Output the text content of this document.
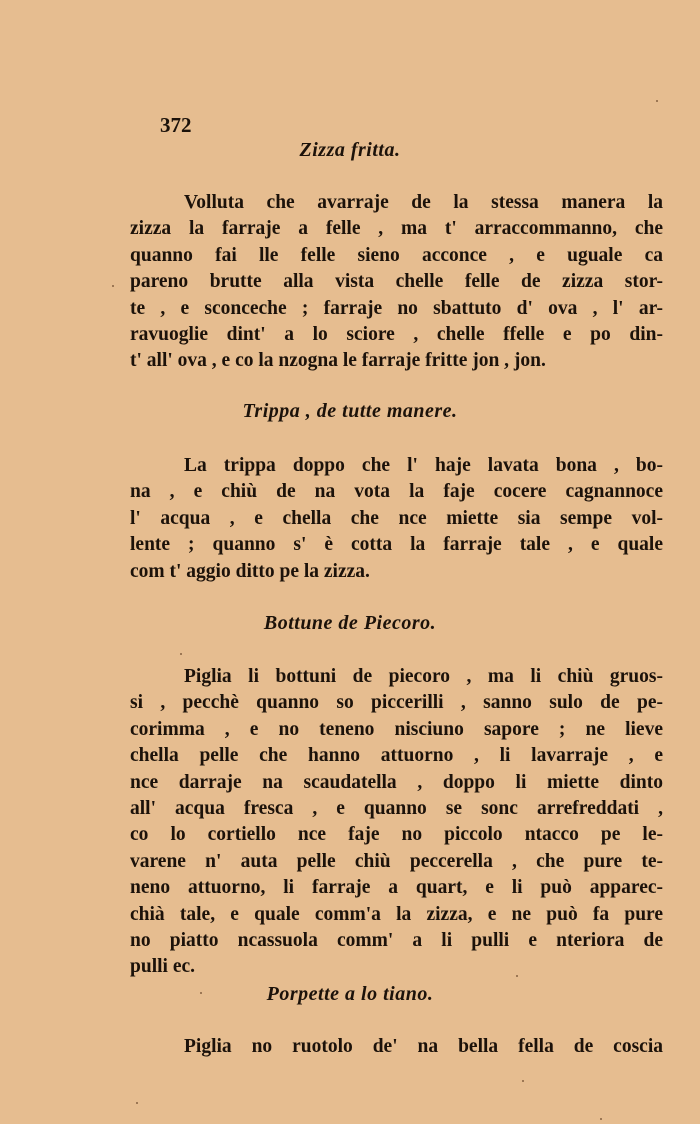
372
Zizza fritta.
Volluta che avarraje de la stessa manera la
zizza la farraje a felle , ma t' arraccommanno, che
quanno fai lle felle sieno acconce , e uguale ca
pareno brutte alla vista chelle felle de zizza stor-
te , e sconceche ; farraje no sbattuto d' ova , l' ar-
ravuoglie dint' a lo sciore , chelle ffelle e po din-
t' all' ova , e co la nzogna le farraje fritte jon , jon.
Trippa , de tutte manere.
La trippa doppo che l' haje lavata bona , bo-
na , e chiù de na vota la faje cocere cagnannoce
l' acqua , e chella che nce miette sia sempe vol-
lente ; quanno s' è cotta la farraje tale , e quale
com t' aggio ditto pe la zizza.
Bottune de Piecoro.
Piglia li bottuni de piecoro , ma li chiù gruos-
si , pecchè quanno so piccerilli , sanno sulo de pe-
corimma , e no teneno nisciuno sapore ; ne lieve
chella pelle che hanno attuorno , li lavarraje , e
nce darraje na scaudatella , doppo li miette dinto
all' acqua fresca , e quanno se sonc arrefreddati ,
co lo cortiello nce faje no piccolo ntacco pe le-
varene n' auta pelle chiù peccerella , che pure te-
neno attuorno, li farraje a quart, e li può apparec-
chià tale, e quale comm'a la zizza, e ne può fa pure
no piatto ncassuola comm' a li pulli e nteriora de
pulli ec.
Porpette a lo tiano.
Piglia no ruotolo de' na bella fella de coscia
